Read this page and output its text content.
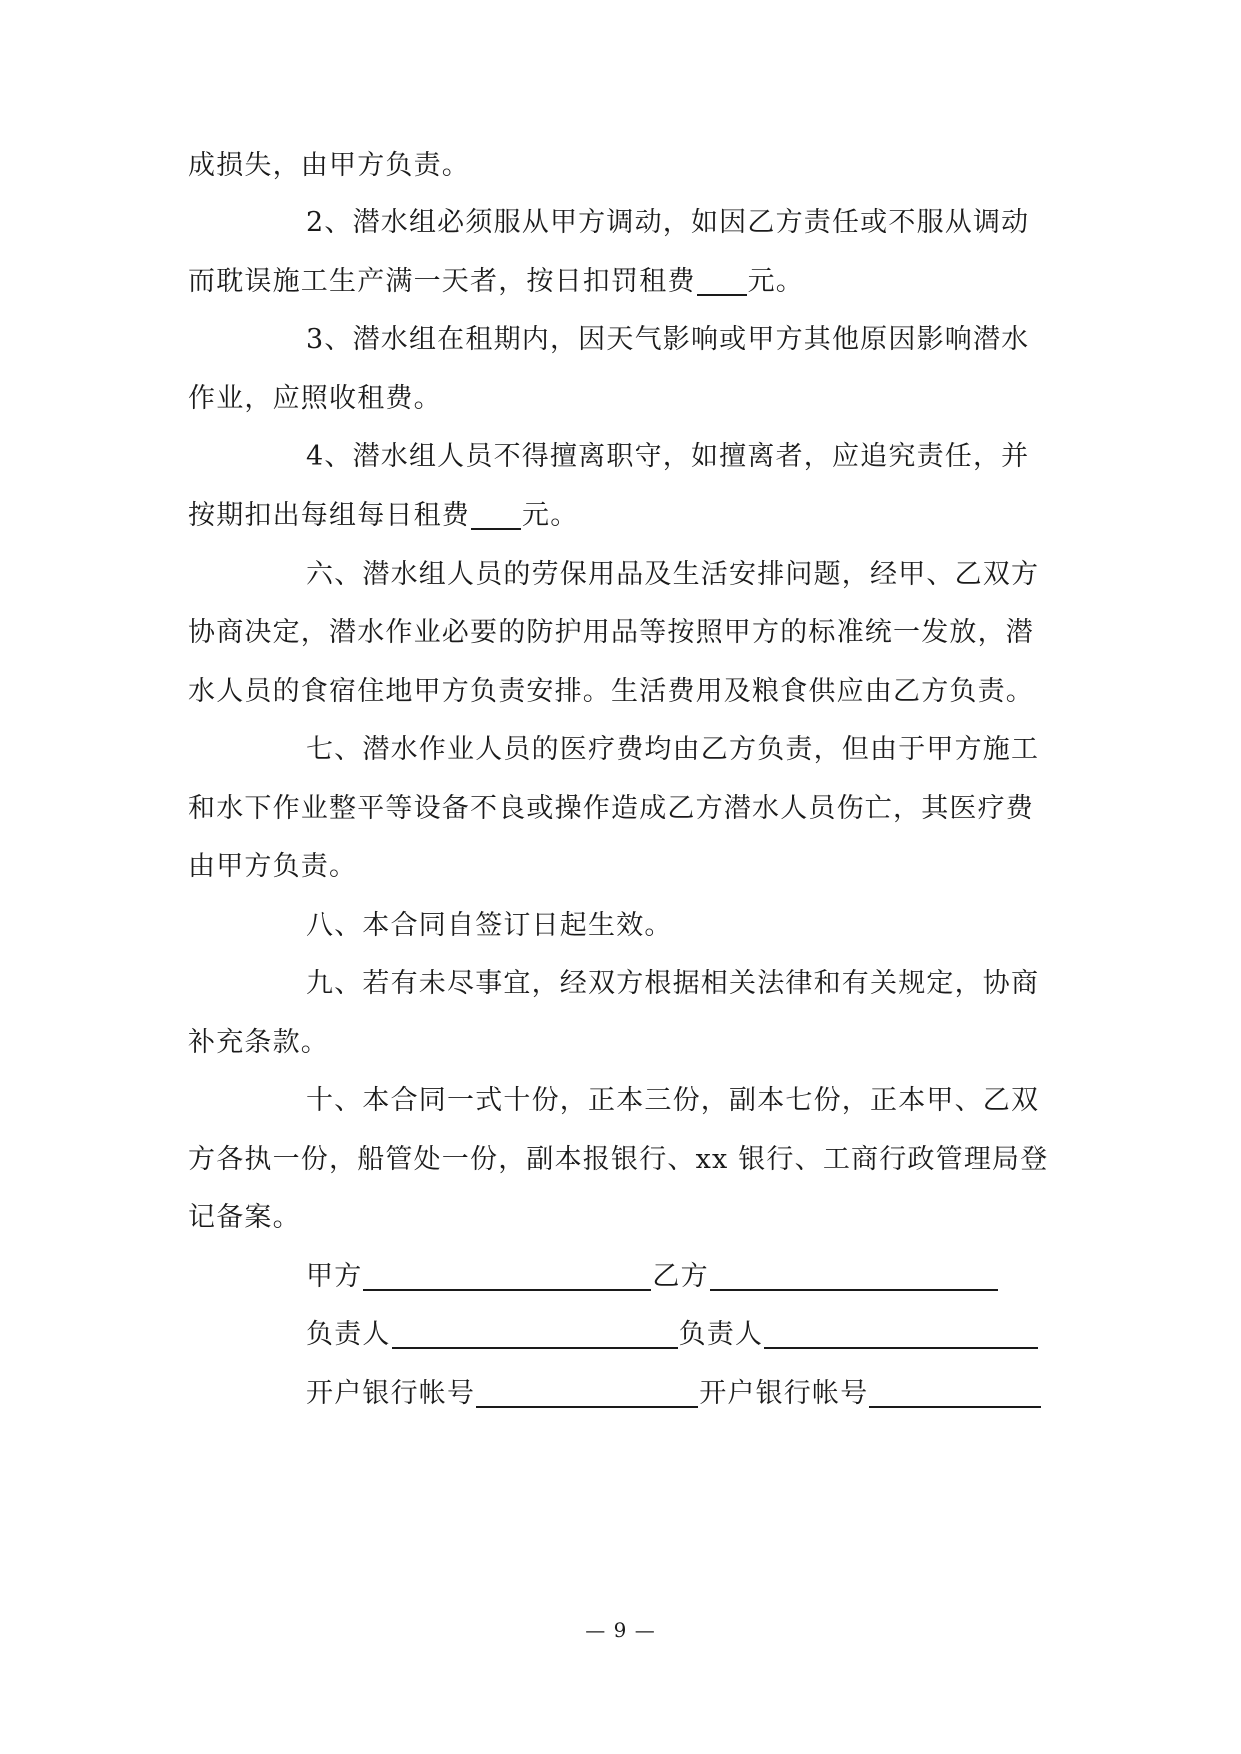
成损失，由甲方负责。
2、潜水组必须服从甲方调动，如因乙方责任或不服从调动
而耽误施工生产满一天者，按日扣罚租费 元。
3、潜水组在租期内，因天气影响或甲方其他原因影响潜水
作业，应照收租费。
4、潜水组人员不得擅离职守，如擅离者，应追究责任，并
按期扣出每组每日租费 元。
六、潜水组人员的劳保用品及生活安排问题，经甲、乙双方
协商决定，潜水作业必要的防护用品等按照甲方的标准统一发放，潜
水人员的食宿住地甲方负责安排。生活费用及粮食供应由乙方负责。
七、潜水作业人员的医疗费均由乙方负责，但由于甲方施工
和水下作业整平等设备不良或操作造成乙方潜水人员伤亡，其医疗费
由甲方负责。
八、本合同自签订日起生效。
九、若有未尽事宜，经双方根据相关法律和有关规定，协商
补充条款。
十、本合同一式十份，正本三份，副本七份，正本甲、乙双
方各执一份，船管处一份，副本报银行、xx 银行、工商行政管理局登
记备案。
甲方	乙方
负责人	负责人
开户银行帐号	开户银行帐号
— 9 —
